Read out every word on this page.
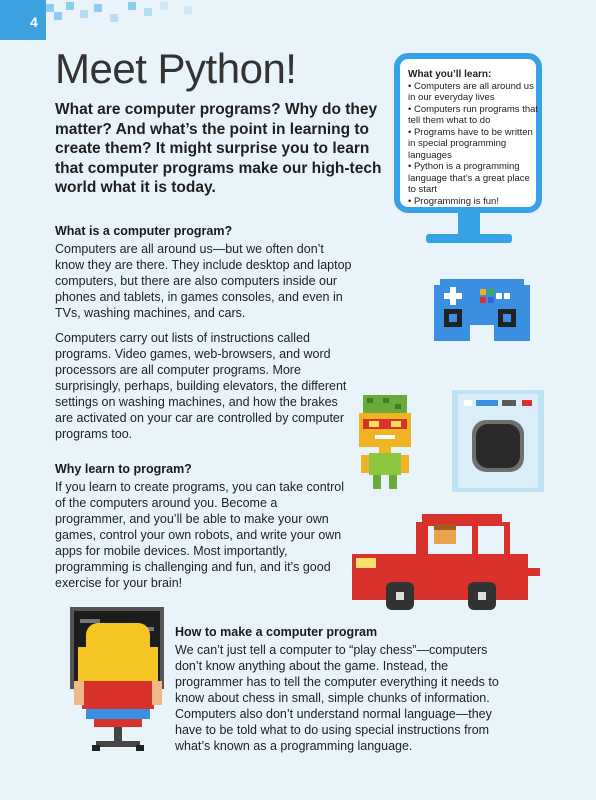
4
Meet Python!

What are computer programs? Why do they matter? And what’s the point in learning to create them? It might surprise you to learn that computer programs make our high-tech world what it is today.

What you’ll learn:
• Computers are all around us in our everyday lives
• Computers run programs that tell them what to do
• Programs have to be written in special programming languages
• Python is a programming language that’s a great place to start
• Programming is fun!
What is a computer program?

Computers are all around us—but we often don’t know they are there. They include desktop and laptop computers, but there are also computers inside our phones and tablets, in games consoles, and even in TVs, washing machines, and cars.

Computers carry out lists of instructions called programs. Video games, web-browsers, and word processors are all computer programs. More surprisingly, perhaps, building elevators, the different settings on washing machines, and how the brakes are activated on your car are controlled by computer programs too.

Why learn to program?

If you learn to create programs, you can take control of the computers around you. Become a programmer, and you’ll be able to make your own games, control your own robots, and write your own apps for mobile devices. Most importantly, programming is challenging and fun, and it’s good exercise for your brain!

How to make a computer program

We can’t just tell a computer to “play chess”—computers don’t know anything about the game. Instead, the programmer has to tell the computer everything it needs to know about chess in small, simple chunks of information. Computers also don’t understand normal language—they have to be told what to do using special instructions from what’s known as a programming language.
